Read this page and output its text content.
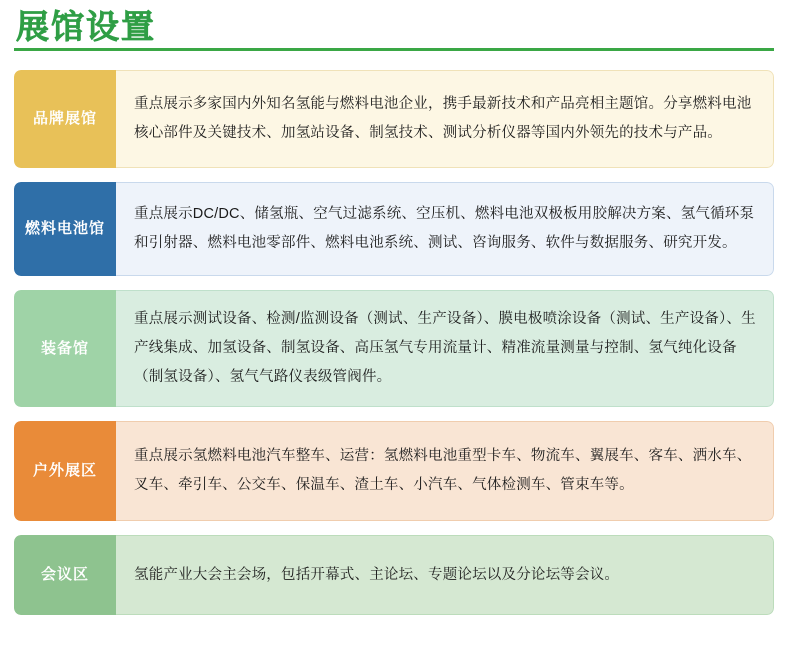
展馆设置
品牌展馆
重点展示多家国内外知名氢能与燃料电池企业，携手最新技术和产品亮相主题馆。分享燃料电池核心部件及关键技术、加氢站设备、制氢技术、测试分析仪器等国内外领先的技术与产品。
燃料电池馆
重点展示DC/DC、储氢瓶、空气过滤系统、空压机、燃料电池双极板用胶解决方案、氢气循环泵和引射器、燃料电池零部件、燃料电池系统、测试、咨询服务、软件与数据服务、研究开发。
装备馆
重点展示测试设备、检测/监测设备（测试、生产设备）、膜电极喷涂设备（测试、生产设备）、生产线集成、加氢设备、制氢设备、高压氢气专用流量计、精准流量测量与控制、氢气纯化设备（制氢设备）、氢气气路仪表级管阀件。
户外展区
重点展示氢燃料电池汽车整车、运营：氢燃料电池重型卡车、物流车、翼展车、客车、洒水车、叉车、牵引车、公交车、保温车、渣土车、小汽车、气体检测车、管束车等。
会议区	氢能产业大会主会场，包括开幕式、主论坛、专题论坛以及分论坛等会议。
